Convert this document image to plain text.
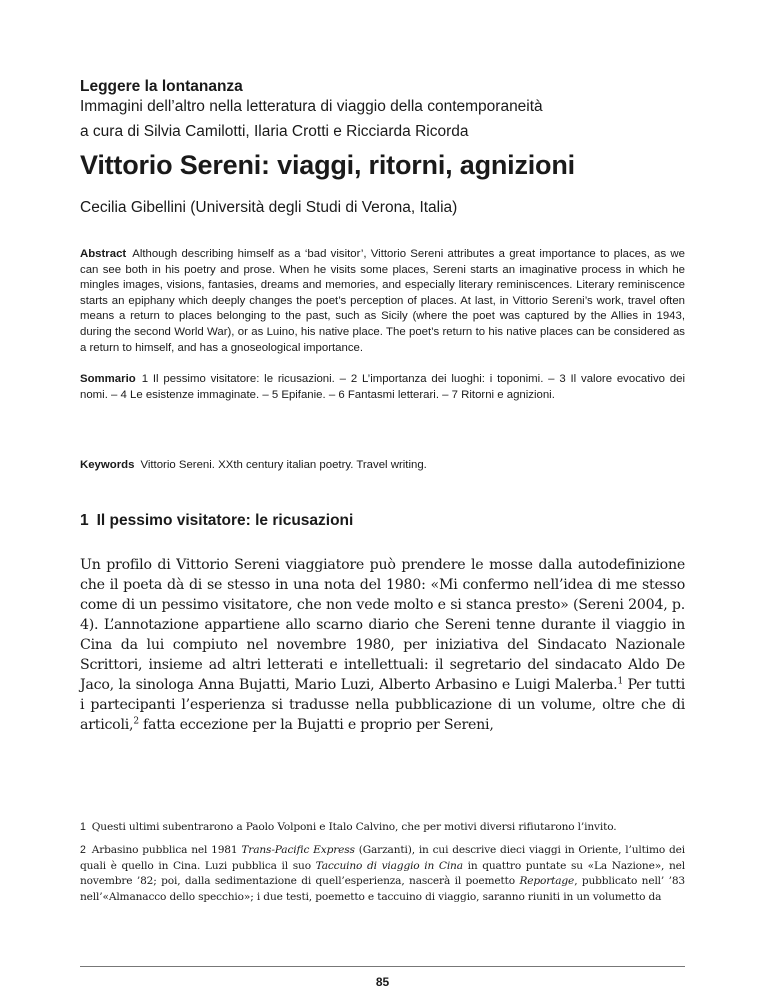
Leggere la lontananza
Immagini dell’altro nella letteratura di viaggio della contemporaneità
a cura di Silvia Camilotti, Ilaria Crotti e Ricciarda Ricorda
Vittorio Sereni: viaggi, ritorni, agnizioni
Cecilia Gibellini (Università degli Studi di Verona, Italia)
Abstract Although describing himself as a ‘bad visitor’, Vittorio Sereni attributes a great importance to places, as we can see both in his poetry and prose. When he visits some places, Sereni starts an imaginative process in which he mingles images, visions, fantasies, dreams and memories, and especially literary reminiscences. Literary reminiscence starts an epiphany which deeply changes the poet’s perception of places. At last, in Vittorio Sereni’s work, travel often means a return to places belonging to the past, such as Sicily (where the poet was captured by the Allies in 1943, during the second World War), or as Luino, his native place. The poet’s return to his native places can be considered as a return to himself, and has a gnoseological importance.
Sommario 1 Il pessimo visitatore: le ricusazioni. – 2 L’importanza dei luoghi: i toponimi. – 3 Il valore evocativo dei nomi. – 4 Le esistenze immaginate. – 5 Epifanie. – 6 Fantasmi letterari. – 7 Ritorni e agnizioni.
Keywords Vittorio Sereni. XXth century italian poetry. Travel writing.
1 Il pessimo visitatore: le ricusazioni

Un profilo di Vittorio Sereni viaggiatore può prendere le mosse dalla autodefinizione che il poeta dà di se stesso in una nota del 1980: «Mi confermo nell’idea di me stesso come di un pessimo visitatore, che non vede molto e si stanca presto» (Sereni 2004, p. 4). L’annotazione appartiene allo scarno diario che Sereni tenne durante il viaggio in Cina da lui compiuto nel novembre 1980, per iniziativa del Sindacato Nazionale Scrittori, insieme ad altri letterati e intellettuali: il segretario del sindacato Aldo De Jaco, la sinologa Anna Bujatti, Mario Luzi, Alberto Arbasino e Luigi Malerba.$^1$ Per tutti i partecipanti l’esperienza si tradusse nella pubblicazione di un volume, oltre che di articoli,$^2$ fatta eccezione per la Bujatti e proprio per Sereni,

1 Questi ultimi subentrarono a Paolo Volponi e Italo Calvino, che per motivi diversi rifiutarono l’invito.

2 Arbasino pubblica nel 1981 Trans-Pacific Express (Garzanti), in cui descrive dieci viaggi in Oriente, l’ultimo dei quali è quello in Cina. Luzi pubblica il suo Taccuino di viaggio in Cina in quattro puntate su «La Nazione», nel novembre ’82; poi, dalla sedimentazione di quell’esperienza, nascerà il poemetto Reportage, pubblicato nell’ ’83 nell’«Almanacco dello specchio»; i due testi, poemetto e taccuino di viaggio, saranno riuniti in un volumetto da

85
